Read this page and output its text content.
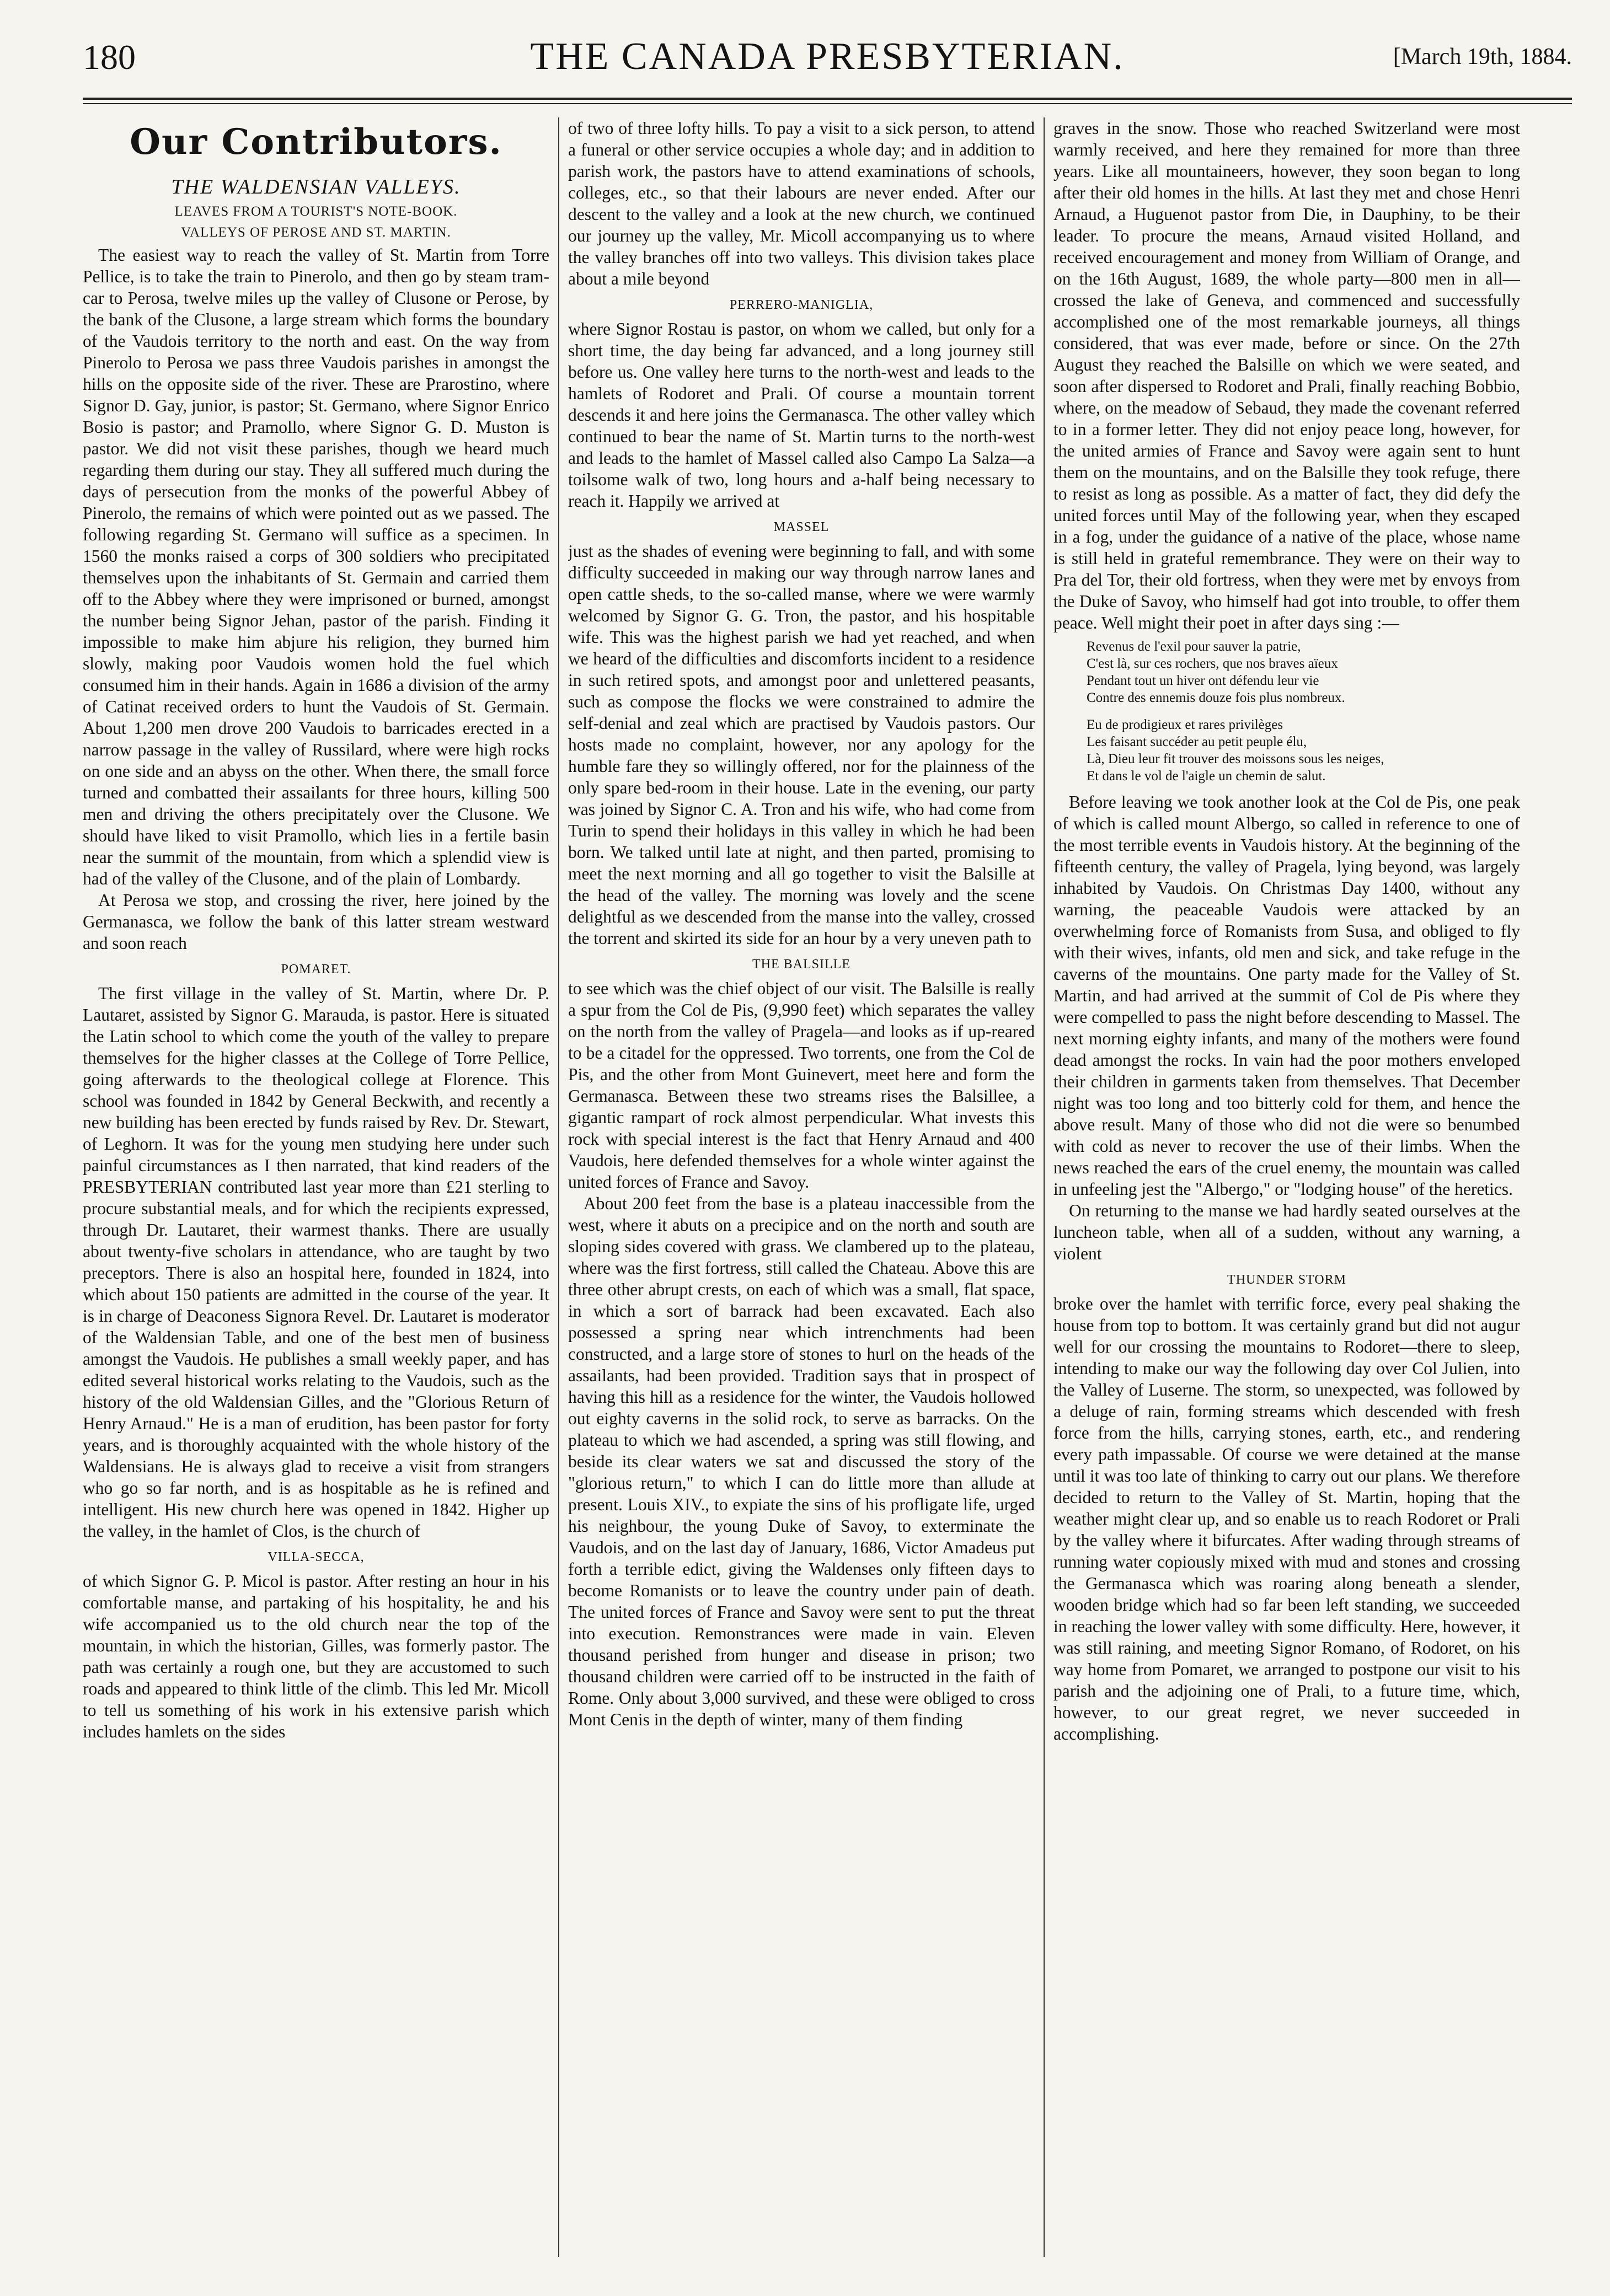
180	THE CANADA PRESBYTERIAN.	[March 19th, 1884.
Our Contributors.
THE WALDENSIAN VALLEYS.
LEAVES FROM A TOURIST'S NOTE-BOOK.
VALLEYS OF PEROSE AND ST. MARTIN.

The easiest way to reach the valley of St. Martin from Torre Pellice, is to take the train to Pinerolo, and then go by steam tram-car to Perosa, twelve miles up the valley of Clusone or Perose, by the bank of the Clusone, a large stream which forms the boundary of the Vaudois territory to the north and east. On the way from Pinerolo to Perosa we pass three Vaudois parishes in amongst the hills on the opposite side of the river. These are Prarostino, where Signor D. Gay, junior, is pastor; St. Germano, where Signor Enrico Bosio is pastor; and Pramollo, where Signor G. D. Muston is pastor. We did not visit these parishes, though we heard much regarding them during our stay. They all suffered much during the days of persecution from the monks of the powerful Abbey of Pinerolo, the remains of which were pointed out as we passed. The following regarding St. Germano will suffice as a specimen. In 1560 the monks raised a corps of 300 soldiers who precipitated themselves upon the inhabitants of St. Germain and carried them off to the Abbey where they were imprisoned or burned, amongst the number being Signor Jehan, pastor of the parish. Finding it impossible to make him abjure his religion, they burned him slowly, making poor Vaudois women hold the fuel which consumed him in their hands. Again in 1686 a division of the army of Catinat received orders to hunt the Vaudois of St. Germain. About 1,200 men drove 200 Vaudois to barricades erected in a narrow passage in the valley of Russilard, where were high rocks on one side and an abyss on the other. When there, the small force turned and combatted their assailants for three hours, killing 500 men and driving the others precipitately over the Clusone. We should have liked to visit Pramollo, which lies in a fertile basin near the summit of the mountain, from which a splendid view is had of the valley of the Clusone, and of the plain of Lombardy.

At Perosa we stop, and crossing the river, here joined by the Germanasca, we follow the bank of this latter stream westward and soon reach

POMARET.

The first village in the valley of St. Martin, where Dr. P. Lautaret, assisted by Signor G. Marauda, is pastor. Here is situated the Latin school to which come the youth of the valley to prepare themselves for the higher classes at the College of Torre Pellice, going afterwards to the theological college at Florence. This school was founded in 1842 by General Beckwith, and recently a new building has been erected by funds raised by Rev. Dr. Stewart, of Leghorn. It was for the young men studying here under such painful circumstances as I then narrated, that kind readers of the PRESBYTERIAN contributed last year more than £21 sterling to procure substantial meals, and for which the recipients expressed, through Dr. Lautaret, their warmest thanks. There are usually about twenty-five scholars in attendance, who are taught by two preceptors. There is also an hospital here, founded in 1824, into which about 150 patients are admitted in the course of the year. It is in charge of Deaconess Signora Revel. Dr. Lautaret is moderator of the Waldensian Table, and one of the best men of business amongst the Vaudois. He publishes a small weekly paper, and has edited several historical works relating to the Vaudois, such as the history of the old Waldensian Gilles, and the "Glorious Return of Henry Arnaud." He is a man of erudition, has been pastor for forty years, and is thoroughly acquainted with the whole history of the Waldensians. He is always glad to receive a visit from strangers who go so far north, and is as hospitable as he is refined and intelligent. His new church here was opened in 1842. Higher up the valley, in the hamlet of Clos, is the church of

VILLA-SECCA,

of which Signor G. P. Micol is pastor. After resting an hour in his comfortable manse, and partaking of his hospitality, he and his wife accompanied us to the old church near the top of the mountain, in which the historian, Gilles, was formerly pastor. The path was certainly a rough one, but they are accustomed to such roads and appeared to think little of the climb. This led Mr. Micoll to tell us something of his work in his extensive parish which includes hamlets on the sides

of two of three lofty hills. To pay a visit to a sick person, to attend a funeral or other service occupies a whole day; and in addition to parish work, the pastors have to attend examinations of schools, colleges, etc., so that their labours are never ended. After our descent to the valley and a look at the new church, we continued our journey up the valley, Mr. Micoll accompanying us to where the valley branches off into two valleys. This division takes place about a mile beyond

PERRERO-MANIGLIA,

where Signor Rostau is pastor, on whom we called, but only for a short time, the day being far advanced, and a long journey still before us. One valley here turns to the north-west and leads to the hamlets of Rodoret and Prali. Of course a mountain torrent descends it and here joins the Germanasca. The other valley which continued to bear the name of St. Martin turns to the north-west and leads to the hamlet of Massel called also Campo La Salza—a toilsome walk of two, long hours and a-half being necessary to reach it. Happily we arrived at

MASSEL

just as the shades of evening were beginning to fall, and with some difficulty succeeded in making our way through narrow lanes and open cattle sheds, to the so-called manse, where we were warmly welcomed by Signor G. G. Tron, the pastor, and his hospitable wife. This was the highest parish we had yet reached, and when we heard of the difficulties and discomforts incident to a residence in such retired spots, and amongst poor and unlettered peasants, such as compose the flocks we were constrained to admire the self-denial and zeal which are practised by Vaudois pastors. Our hosts made no complaint, however, nor any apology for the humble fare they so willingly offered, nor for the plainness of the only spare bed-room in their house. Late in the evening, our party was joined by Signor C. A. Tron and his wife, who had come from Turin to spend their holidays in this valley in which he had been born. We talked until late at night, and then parted, promising to meet the next morning and all go together to visit the Balsille at the head of the valley. The morning was lovely and the scene delightful as we descended from the manse into the valley, crossed the torrent and skirted its side for an hour by a very uneven path to

THE BALSILLE

to see which was the chief object of our visit. The Balsille is really a spur from the Col de Pis, (9,990 feet) which separates the valley on the north from the valley of Pragela—and looks as if up-reared to be a citadel for the oppressed. Two torrents, one from the Col de Pis, and the other from Mont Guinevert, meet here and form the Germanasca. Between these two streams rises the Balsillee, a gigantic rampart of rock almost perpendicular. What invests this rock with special interest is the fact that Henry Arnaud and 400 Vaudois, here defended themselves for a whole winter against the united forces of France and Savoy.

About 200 feet from the base is a plateau inaccessible from the west, where it abuts on a precipice and on the north and south are sloping sides covered with grass. We clambered up to the plateau, where was the first fortress, still called the Chateau. Above this are three other abrupt crests, on each of which was a small, flat space, in which a sort of barrack had been excavated. Each also possessed a spring near which intrenchments had been constructed, and a large store of stones to hurl on the heads of the assailants, had been provided. Tradition says that in prospect of having this hill as a residence for the winter, the Vaudois hollowed out eighty caverns in the solid rock, to serve as barracks. On the plateau to which we had ascended, a spring was still flowing, and beside its clear waters we sat and discussed the story of the "glorious return," to which I can do little more than allude at present. Louis XIV., to expiate the sins of his profligate life, urged his neighbour, the young Duke of Savoy, to exterminate the Vaudois, and on the last day of January, 1686, Victor Amadeus put forth a terrible edict, giving the Waldenses only fifteen days to become Romanists or to leave the country under pain of death. The united forces of France and Savoy were sent to put the threat into execution. Remonstrances were made in vain. Eleven thousand perished from hunger and disease in prison; two thousand children were carried off to be instructed in the faith of Rome. Only about 3,000 survived, and these were obliged to cross Mont Cenis in the depth of winter, many of them finding

graves in the snow. Those who reached Switzerland were most warmly received, and here they remained for more than three years. Like all mountaineers, however, they soon began to long after their old homes in the hills. At last they met and chose Henri Arnaud, a Huguenot pastor from Die, in Dauphiny, to be their leader. To procure the means, Arnaud visited Holland, and received encouragement and money from William of Orange, and on the 16th August, 1689, the whole party—800 men in all—crossed the lake of Geneva, and commenced and successfully accomplished one of the most remarkable journeys, all things considered, that was ever made, before or since. On the 27th August they reached the Balsille on which we were seated, and soon after dispersed to Rodoret and Prali, finally reaching Bobbio, where, on the meadow of Sebaud, they made the covenant referred to in a former letter. They did not enjoy peace long, however, for the united armies of France and Savoy were again sent to hunt them on the mountains, and on the Balsille they took refuge, there to resist as long as possible. As a matter of fact, they did defy the united forces until May of the following year, when they escaped in a fog, under the guidance of a native of the place, whose name is still held in grateful remembrance. They were on their way to Pra del Tor, their old fortress, when they were met by envoys from the Duke of Savoy, who himself had got into trouble, to offer them peace. Well might their poet in after days sing :—

Revenus de l'exil pour sauver la patrie,
C'est là, sur ces rochers, que nos braves aïeux
Pendant tout un hiver ont défendu leur vie
Contre des ennemis douze fois plus nombreux.
Eu de prodigieux et rares privilèges
Les faisant succéder au petit peuple élu,
Là, Dieu leur fit trouver des moissons sous les neiges,
Et dans le vol de l'aigle un chemin de salut.

Before leaving we took another look at the Col de Pis, one peak of which is called mount Albergo, so called in reference to one of the most terrible events in Vaudois history. At the beginning of the fifteenth century, the valley of Pragela, lying beyond, was largely inhabited by Vaudois. On Christmas Day 1400, without any warning, the peaceable Vaudois were attacked by an overwhelming force of Romanists from Susa, and obliged to fly with their wives, infants, old men and sick, and take refuge in the caverns of the mountains. One party made for the Valley of St. Martin, and had arrived at the summit of Col de Pis where they were compelled to pass the night before descending to Massel. The next morning eighty infants, and many of the mothers were found dead amongst the rocks. In vain had the poor mothers enveloped their children in garments taken from themselves. That December night was too long and too bitterly cold for them, and hence the above result. Many of those who did not die were so benumbed with cold as never to recover the use of their limbs. When the news reached the ears of the cruel enemy, the mountain was called in unfeeling jest the "Albergo," or "lodging house" of the heretics.

On returning to the manse we had hardly seated ourselves at the luncheon table, when all of a sudden, without any warning, a violent

THUNDER STORM

broke over the hamlet with terrific force, every peal shaking the house from top to bottom. It was certainly grand but did not augur well for our crossing the mountains to Rodoret—there to sleep, intending to make our way the following day over Col Julien, into the Valley of Luserne. The storm, so unexpected, was followed by a deluge of rain, forming streams which descended with fresh force from the hills, carrying stones, earth, etc., and rendering every path impassable. Of course we were detained at the manse until it was too late of thinking to carry out our plans. We therefore decided to return to the Valley of St. Martin, hoping that the weather might clear up, and so enable us to reach Rodoret or Prali by the valley where it bifurcates. After wading through streams of running water copiously mixed with mud and stones and crossing the Germanasca which was roaring along beneath a slender, wooden bridge which had so far been left standing, we succeeded in reaching the lower valley with some difficulty. Here, however, it was still raining, and meeting Signor Romano, of Rodoret, on his way home from Pomaret, we arranged to postpone our visit to his parish and the adjoining one of Prali, to a future time, which, however, to our great regret, we never succeeded in accomplishing.
